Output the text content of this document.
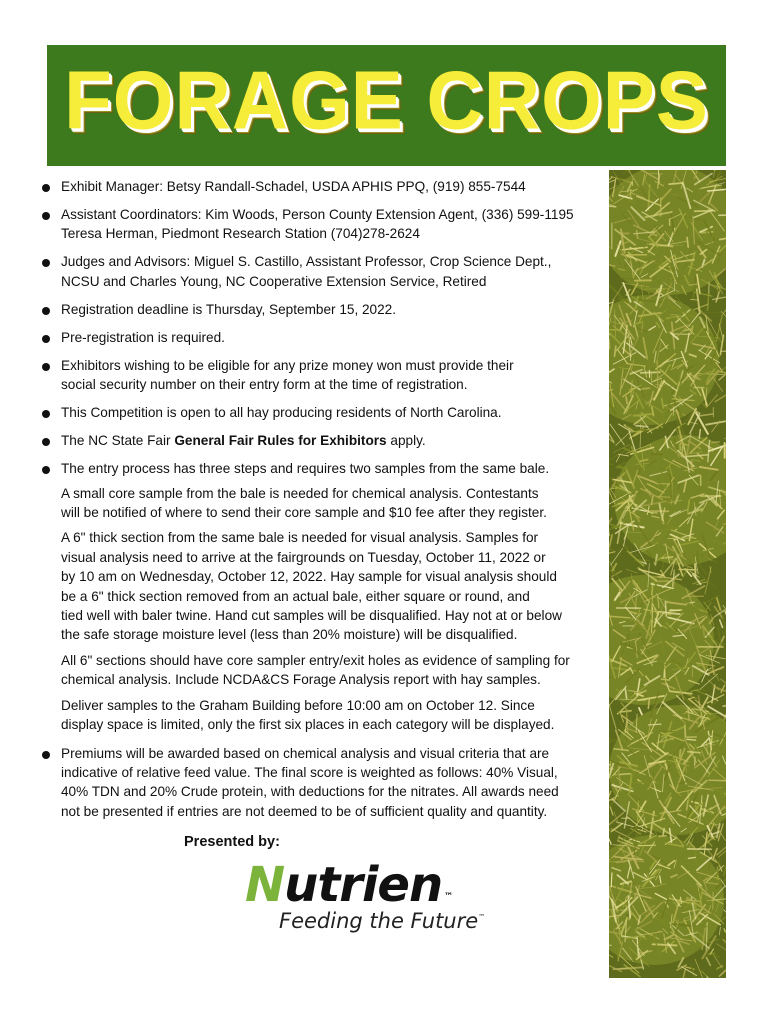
FORAGE CROPS
Exhibit Manager: Betsy Randall-Schadel, USDA APHIS PPQ, (919) 855-7544
Assistant Coordinators: Kim Woods, Person County Extension Agent, (336) 599-1195
Teresa Herman, Piedmont Research Station (704)278-2624
Judges and Advisors: Miguel S. Castillo, Assistant Professor, Crop Science Dept.,
NCSU and Charles Young, NC Cooperative Extension Service, Retired
Registration deadline is Thursday, September 15, 2022.
Pre-registration is required.
Exhibitors wishing to be eligible for any prize money won must provide their
social security number on their entry form at the time of registration.
This Competition is open to all hay producing residents of North Carolina.
The NC State Fair General Fair Rules for Exhibitors apply.
The entry process has three steps and requires two samples from the same bale.
A small core sample from the bale is needed for chemical analysis. Contestants
will be notified of where to send their core sample and $10 fee after they register.
A 6" thick section from the same bale is needed for visual analysis. Samples for
visual analysis need to arrive at the fairgrounds on Tuesday, October 11, 2022 or
by 10 am on Wednesday, October 12, 2022. Hay sample for visual analysis should
be a 6" thick section removed from an actual bale, either square or round, and
tied well with baler twine. Hand cut samples will be disqualified. Hay not at or below
the safe storage moisture level (less than 20% moisture) will be disqualified.
All 6" sections should have core sampler entry/exit holes as evidence of sampling for
chemical analysis. Include NCDA&CS Forage Analysis report with hay samples.
Deliver samples to the Graham Building before 10:00 am on October 12. Since
display space is limited, only the first six places in each category will be displayed.
Premiums will be awarded based on chemical analysis and visual criteria that are
indicative of relative feed value. The final score is weighted as follows: 40% Visual,
40% TDN and 20% Crude protein, with deductions for the nitrates. All awards need
not be presented if entries are not deemed to be of sufficient quality and quantity.
Presented by:
Nutrien ™
Feeding the Future™
